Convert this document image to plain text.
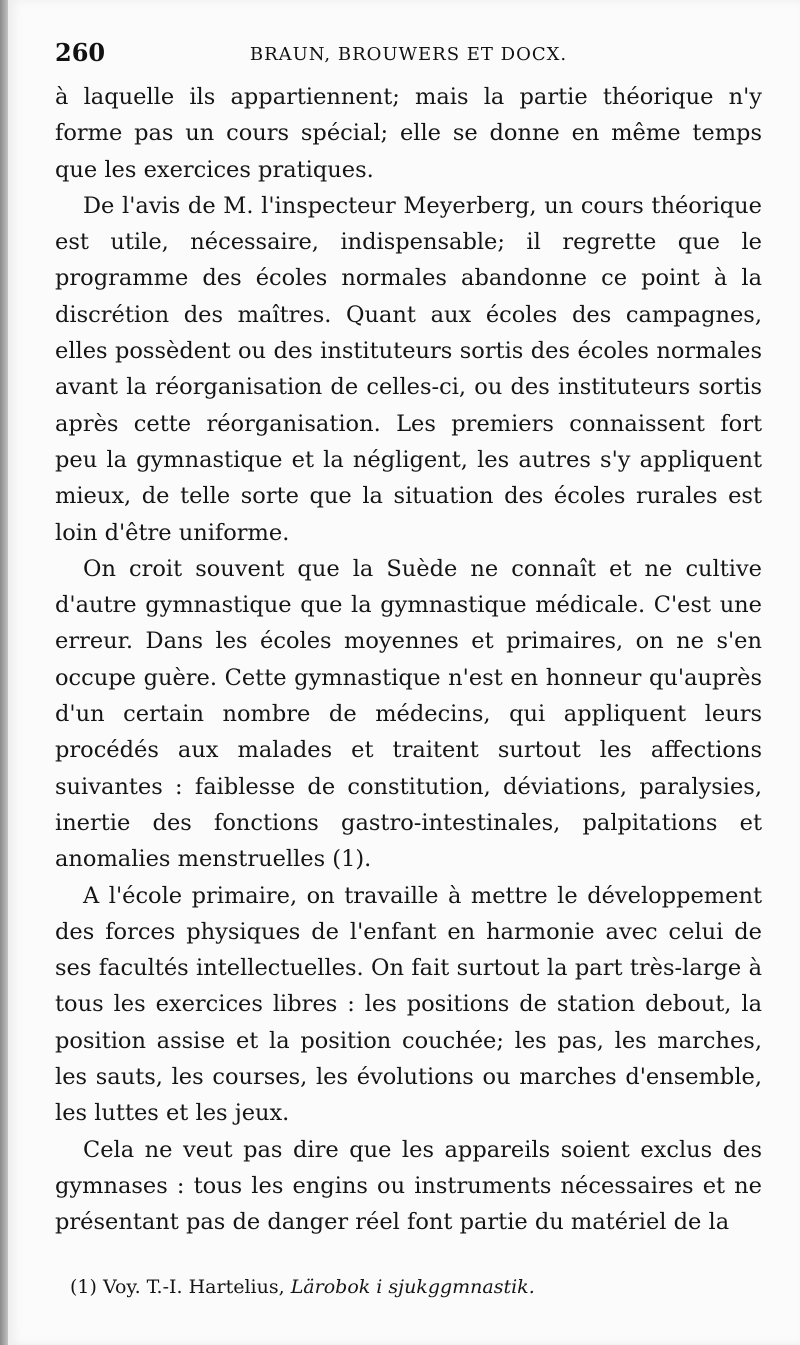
260	BRAUN, BROUWERS ET DOCX.

à laquelle ils appartiennent; mais la partie théorique n'y forme pas un cours spécial; elle se donne en même temps que les exercices pratiques.

De l'avis de M. l'inspecteur Meyerberg, un cours théorique est utile, nécessaire, indispensable; il regrette que le programme des écoles normales abandonne ce point à la discrétion des maîtres. Quant aux écoles des campagnes, elles possèdent ou des instituteurs sortis des écoles normales avant la réorganisation de celles-ci, ou des instituteurs sortis après cette réorganisation. Les premiers connaissent fort peu la gymnastique et la négligent, les autres s'y appliquent mieux, de telle sorte que la situation des écoles rurales est loin d'être uniforme.

On croit souvent que la Suède ne connaît et ne cultive d'autre gymnastique que la gymnastique médicale. C'est une erreur. Dans les écoles moyennes et primaires, on ne s'en occupe guère. Cette gymnastique n'est en honneur qu'auprès d'un certain nombre de médecins, qui appliquent leurs procédés aux malades et traitent surtout les affections suivantes : faiblesse de constitution, déviations, paralysies, inertie des fonctions gastro-intestinales, palpitations et anomalies menstruelles (1).

A l'école primaire, on travaille à mettre le développement des forces physiques de l'enfant en harmonie avec celui de ses facultés intellectuelles. On fait surtout la part très-large à tous les exercices libres : les positions de station debout, la position assise et la position couchée; les pas, les marches, les sauts, les courses, les évolutions ou marches d'ensemble, les luttes et les jeux.

Cela ne veut pas dire que les appareils soient exclus des gymnases : tous les engins ou instruments nécessaires et ne présentant pas de danger réel font partie du matériel de la

(1) Voy. T.-I. Hartelius, Lärobok i sjukggmnastik.
